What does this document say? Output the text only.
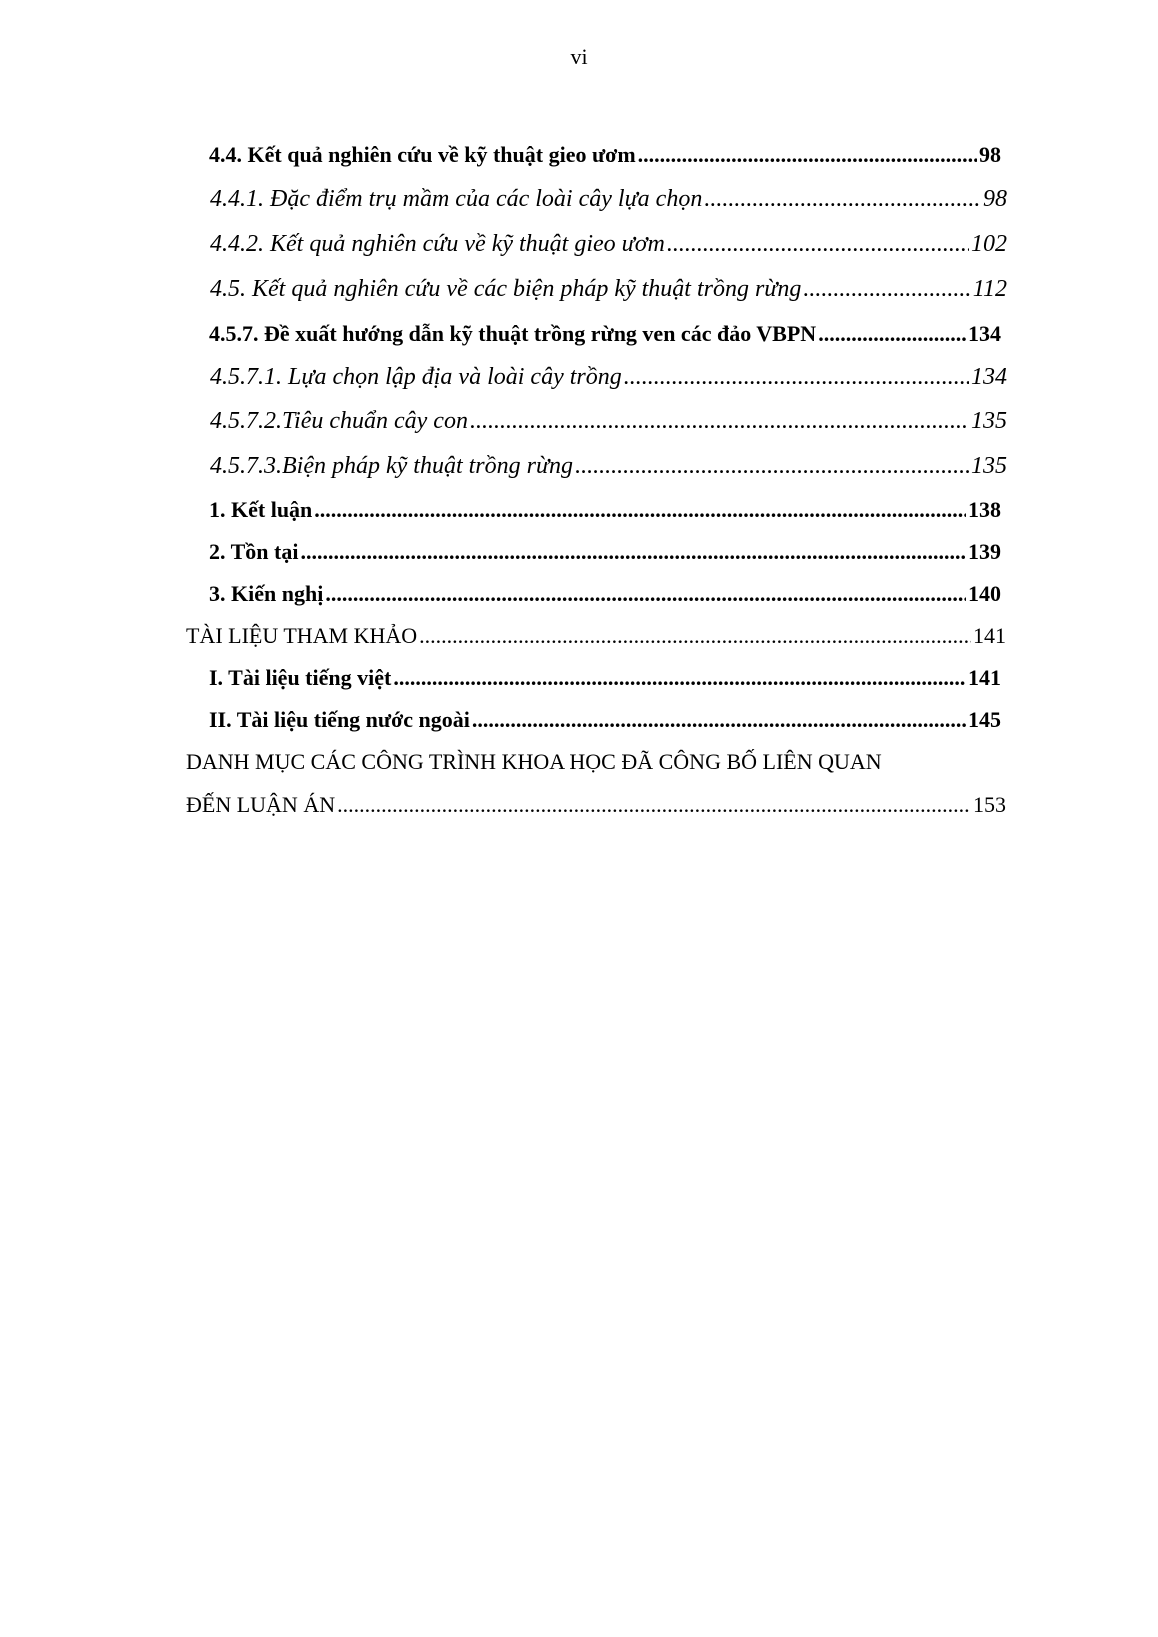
vi
4.4. Kết quả nghiên cứu về kỹ thuật gieo ươm .....	98
4.4.1. Đặc điểm trụ mầm của các loài cây lựa chọn .....	98
4.4.2. Kết quả nghiên cứu về kỹ thuật gieo ươm .....	102
4.5. Kết quả nghiên cứu về các biện pháp kỹ thuật trồng rừng .....	112
4.5.7. Đề xuất hướng dẫn kỹ thuật trồng rừng ven các đảo VBPN .....	134
4.5.7.1. Lựa chọn lập địa và loài cây trồng .....	134
4.5.7.2.Tiêu chuẩn cây con .....	135
4.5.7.3.Biện pháp kỹ thuật trồng rừng .....	135
1. Kết luận .....	138
2. Tồn tại .....	139
3. Kiến nghị .....	140
TÀI LIỆU THAM KHẢO .....	141
I. Tài liệu tiếng việt .....	141
II. Tài liệu tiếng nước ngoài .....	145
DANH MỤC CÁC CÔNG TRÌNH KHOA HỌC ĐÃ CÔNG BỐ LIÊN QUAN
ĐẾN LUẬN ÁN .....	153
